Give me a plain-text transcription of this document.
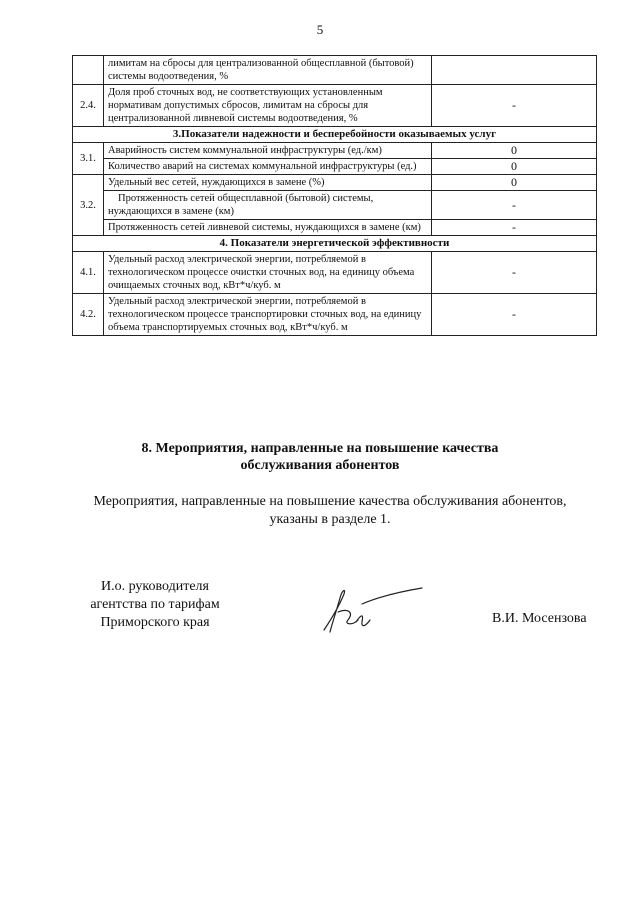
5
	лимитам на сбросы для централизованной общесплавной (бытовой) системы водоотведения, %	
2.4.	Доля проб сточных вод, не соответствующих установленным нормативам допустимых сбросов, лимитам на сбросы для централизованной ливневой системы водоотведения, %	-
3.Показатели надежности и бесперебойности оказываемых услуг		
3.1.	Аварийность систем коммунальной инфраструктуры (ед./км)	0
	Количество аварий на системах коммунальной инфраструктуры (ед.)	0
3.2.	Удельный вес сетей, нуждающихся в замене (%)	0
	Протяженность сетей общесплавной (бытовой) системы, нуждающихся в замене (км)	-
	Протяженность сетей ливневой системы, нуждающихся в замене (км)	-
4. Показатели энергетической эффективности		
4.1.	Удельный расход электрической энергии, потребляемой в технологическом процессе очистки сточных вод, на единицу объема очищаемых сточных вод, кВт*ч/куб. м	-
4.2.	Удельный расход электрической энергии, потребляемой в технологическом процессе транспортировки сточных вод, на единицу объема транспортируемых сточных вод, кВт*ч/куб. м	-
8. Мероприятия, направленные на повышение качества
обслуживания абонентов
Мероприятия, направленные на повышение качества обслуживания абонентов,
указаны в разделе 1.
И.о. руководителя
агентства по тарифам
Приморского края	В.И. Мосензова
